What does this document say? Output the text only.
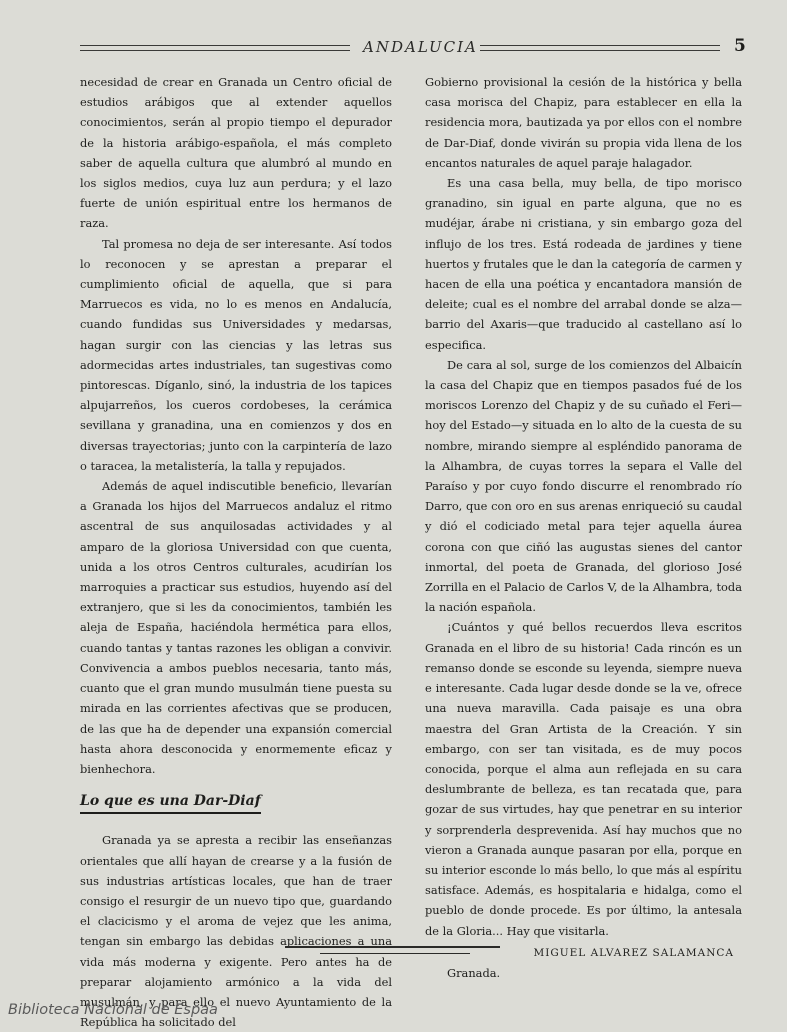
ANDALUCIA	5

necesidad de crear en Granada un Centro oficial de estudios arábigos que al extender aquellos conocimientos, serán al propio tiempo el depurador de la historia arábigo-española, el más completo saber de aquella cultura que alumbró al mundo en los siglos medios, cuya luz aun perdura; y el lazo fuerte de unión espiritual entre los hermanos de raza.

Tal promesa no deja de ser interesante. Así todos lo reconocen y se aprestan a preparar el cumplimiento oficial de aquella, que si para Marruecos es vida, no lo es menos en Andalucía, cuando fundidas sus Universidades y medarsas, hagan surgir con las ciencias y las letras sus adormecidas artes industriales, tan sugestivas como pintorescas. Díganlo, sinó, la industria de los tapices alpujarreños, los cueros cordobeses, la cerámica sevillana y granadina, una en comienzos y dos en diversas trayectorias; junto con la carpintería de lazo o taracea, la metalistería, la talla y repujados.

Además de aquel indiscutible beneficio, llevarían a Granada los hijos del Marruecos andaluz el ritmo ascentral de sus anquilosadas actividades y al amparo de la gloriosa Universidad con que cuenta, unida a los otros Centros culturales, acudirían los marroquies a practicar sus estudios, huyendo así del extranjero, que si les da conocimientos, también les aleja de España, haciéndola hermética para ellos, cuando tantas y tantas razones les obligan a convivir. Convivencia a ambos pueblos necesaria, tanto más, cuanto que el gran mundo musulmán tiene puesta su mirada en las corrientes afectivas que se producen, de las que ha de depender una expansión comercial hasta ahora desconocida y enormemente eficaz y bienhechora.

Lo que es una Dar-Diaf

Granada ya se apresta a recibir las enseñanzas orientales que allí hayan de crearse y a la fusión de sus industrias artísticas locales, que han de traer consigo el resurgir de un nuevo tipo que, guardando el clacicismo y el aroma de vejez que les anima, tengan sin embargo las debidas aplicaciones a una vida más moderna y exigente. Pero antes ha de preparar alojamiento armónico a la vida del musulmán, y para ello el nuevo Ayuntamiento de la República ha solicitado del

Gobierno provisional la cesión de la histórica y bella casa morisca del Chapiz, para establecer en ella la residencia mora, bautizada ya por ellos con el nombre de Dar-Diaf, donde vivirán su propia vida llena de los encantos naturales de aquel paraje halagador.

Es una casa bella, muy bella, de tipo morisco granadino, sin igual en parte alguna, que no es mudéjar, árabe ni cristiana, y sin embargo goza del influjo de los tres. Está rodeada de jardines y tiene huertos y frutales que le dan la categoría de carmen y hacen de ella una poética y encantadora mansión de deleite; cual es el nombre del arrabal donde se alza—barrio del Axaris—que traducido al castellano así lo especifica.

De cara al sol, surge de los comienzos del Albaicín la casa del Chapiz que en tiempos pasados fué de los moriscos Lorenzo del Chapiz y de su cuñado el Feri—hoy del Estado—y situada en lo alto de la cuesta de su nombre, mirando siempre al espléndido panorama de la Alhambra, de cuyas torres la separa el Valle del Paraíso y por cuyo fondo discurre el renombrado río Darro, que con oro en sus arenas enriqueció su caudal y dió el codiciado metal para tejer aquella áurea corona con que ciñó las augustas sienes del cantor inmortal, del poeta de Granada, del glorioso José Zorrilla en el Palacio de Carlos V, de la Alhambra, toda la nación española.

¡Cuántos y qué bellos recuerdos lleva escritos Granada en el libro de su historia! Cada rincón es un remanso donde se esconde su leyenda, siempre nueva e interesante. Cada lugar desde donde se la ve, ofrece una nueva maravilla. Cada paisaje es una obra maestra del Gran Artista de la Creación. Y sin embargo, con ser tan visitada, es de muy pocos conocida, porque el alma aun reflejada en su cara deslumbrante de belleza, es tan recatada que, para gozar de sus virtudes, hay que penetrar en su interior y sorprenderla desprevenida. Así hay muchos que no vieron a Granada aunque pasaran por ella, porque en su interior esconde lo más bello, lo que más al espíritu satisface. Además, es hospitalaria e hidalga, como el pueblo de donde procede. Es por último, la antesala de la Gloria... Hay que visitarla.

MIGUEL ALVAREZ SALAMANCA

Granada.

Biblioteca Nacional de Espaa
